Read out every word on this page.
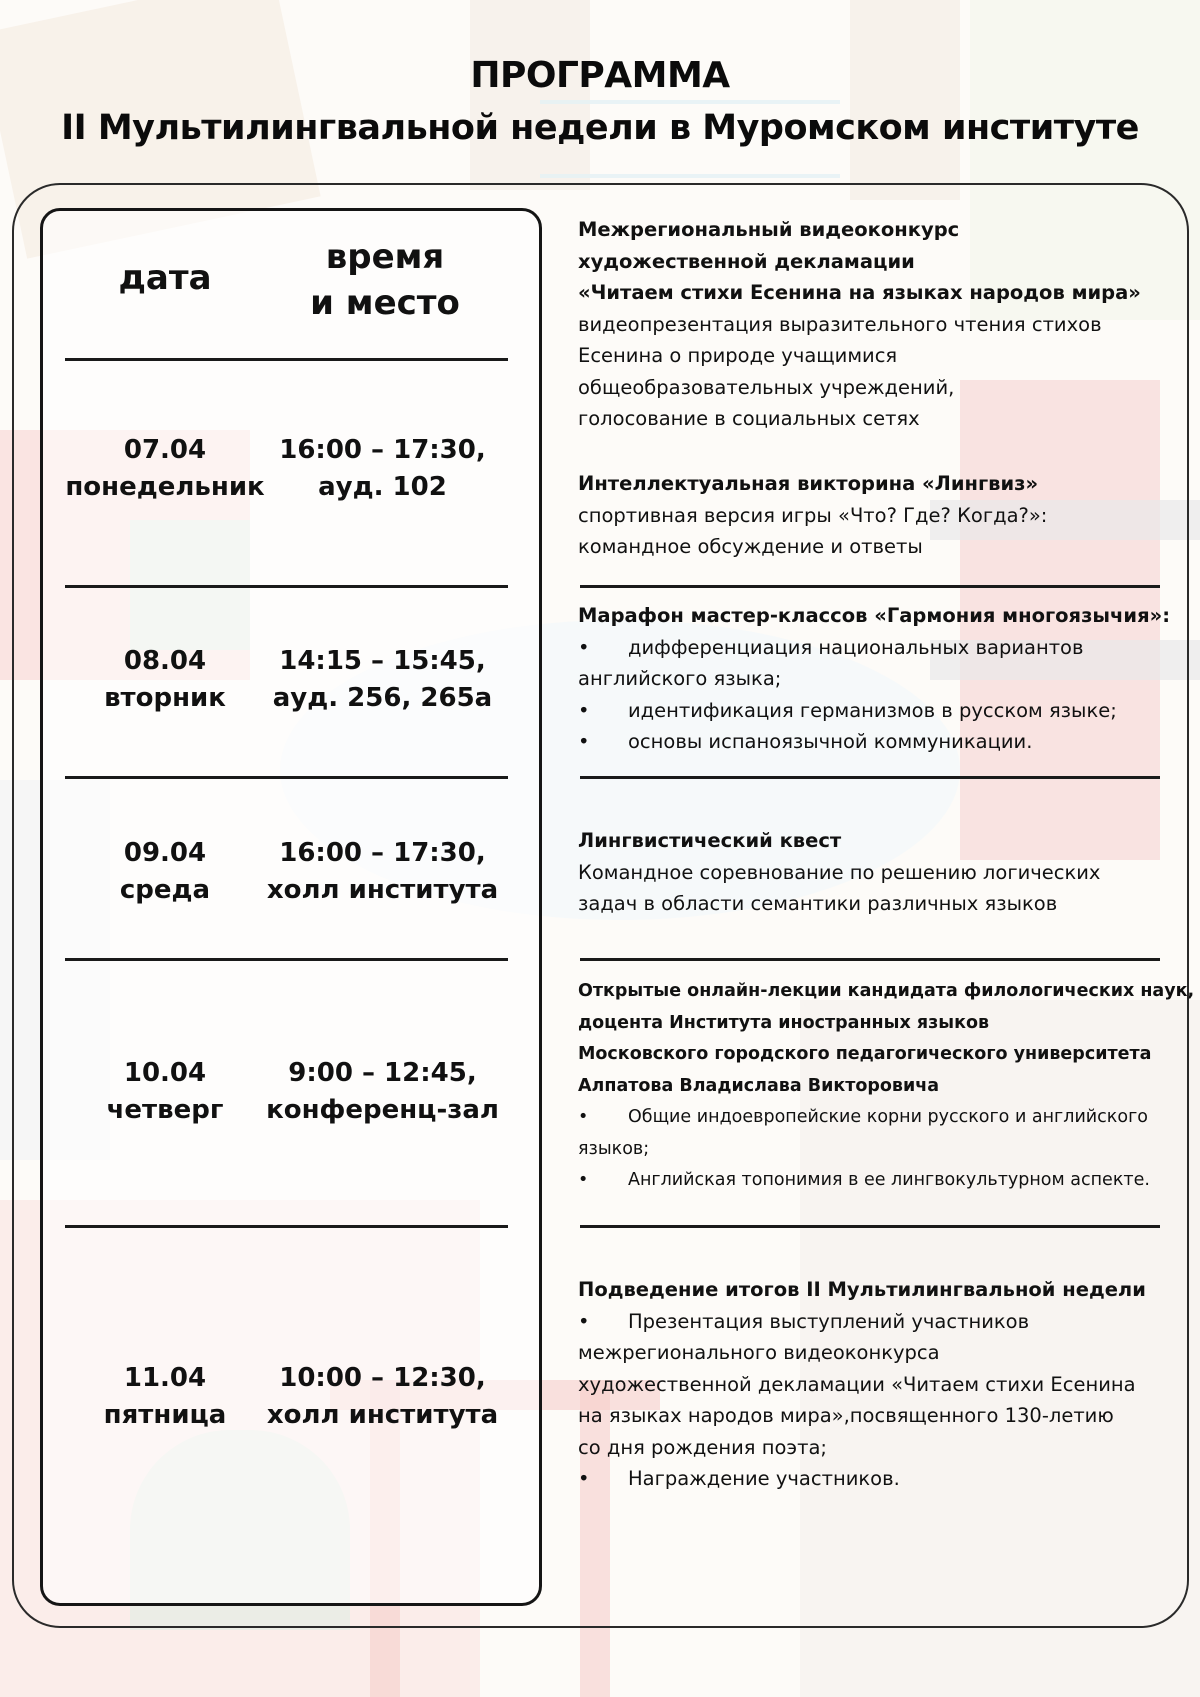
ПРОГРАММА
II Мультилингвальной недели в Муромском институте
дата
время
и место
07.04
понедельник
16:00 – 17:30,
ауд. 102
Межрегиональный видеоконкурс
художественной декламации
«Читаем стихи Есенина на языках народов мира»
видеопрезентация выразительного чтения стихов
Есенина о природе учащимися
общеобразовательных учреждений,
голосование в социальных сетях
Интеллектуальная викторина «Лингвиз»
спортивная версия игры «Что? Где? Когда?»:
командное обсуждение и ответы
08.04
вторник
14:15 – 15:45,
ауд. 256, 265а
Марафон мастер-классов «Гармония многоязычия»:
• дифференциация национальных вариантов
английского языка;
• идентификация германизмов в русском языке;
• основы испаноязычной коммуникации.
09.04
среда
16:00 – 17:30,
холл института
Лингвистический квест
Командное соревнование по решению логических
задач в области семантики различных языков
10.04
четверг
9:00 – 12:45,
конференц-зал
Открытые онлайн-лекции кандидата филологических наук,
доцента Института иностранных языков
Московского городского педагогического университета
Алпатова Владислава Викторовича
• Общие индоевропейские корни русского и английского
языков;
• Английская топонимия в ее лингвокультурном аспекте.
11.04
пятница
10:00 – 12:30,
холл института
Подведение итогов II Мультилингвальной недели
• Презентация выступлений участников
межрегионального видеоконкурса
художественной декламации «Читаем стихи Есенина
на языках народов мира»,посвященного 130-летию
со дня рождения поэта;
• Награждение участников.
